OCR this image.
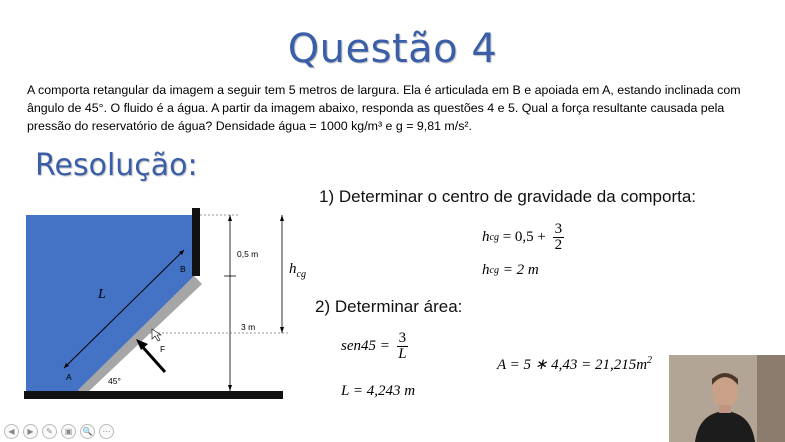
Questão 4
A comporta retangular da imagem a seguir tem 5 metros de largura. Ela é articulada em B e apoiada em A, estando inclinada com ângulo de 45°. O fluido é a água. A partir da imagem abaixo, responda as questões 4 e 5. Qual a força resultante causada pela pressão do reservatório de água? Densidade água = 1000 kg/m³ e g = 9,81 m/s².
Resolução:
B
A
L
F
45°
0,5 m
3 m
$h_{cg}$
1) Determinar o centro de gravidade da comporta:
h cg = $0,5 + \frac{3}{2}$
h cg = 2 m
2) Determinar área:
$sen45 = \frac{3}{L}$
L = 4,243 m
A = 5 ∗ $4,43 = 21,215m^2$
◀	▶	✎	▣	🔍	⋯
